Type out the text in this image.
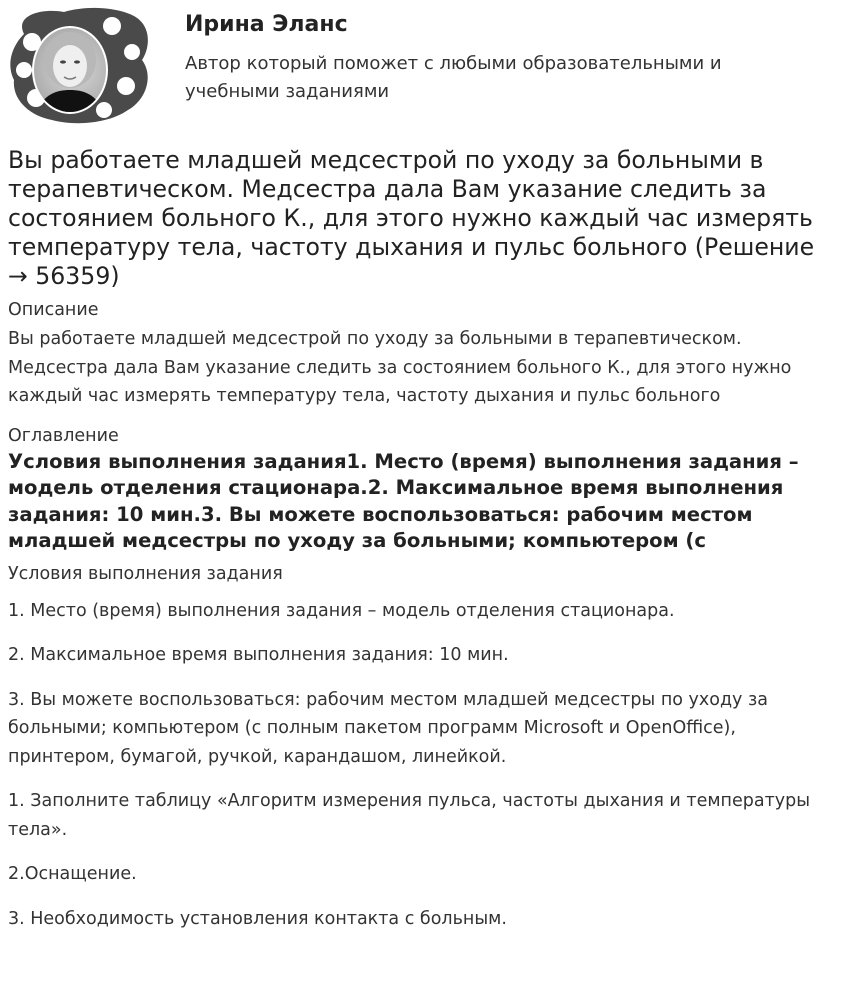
Ирина Эланс
Автор который поможет с любыми образовательными и учебными заданиями
Вы работаете младшей медсестрой по уходу за больными в терапевтическом. Медсестра дала Вам указание следить за состоянием больного К., для этого нужно каждый час измерять температуру тела, частоту дыхания и пульс больного (Решение → 56359)
Описание
Вы работаете младшей медсестрой по уходу за больными в терапевтическом. Медсестра дала Вам указание следить за состоянием больного К., для этого нужно каждый час измерять температуру тела, частоту дыхания и пульс больного
Оглавление
Условия выполнения задания1. Место (время) выполнения задания – модель отделения стационара.2. Максимальное время выполнения задания: 10 мин.3. Вы можете воспользоваться: рабочим местом младшей медсестры по уходу за больными; компьютером (с
Условия выполнения задания

1. Место (время) выполнения задания – модель отделения стационара.

2. Максимальное время выполнения задания: 10 мин.

3. Вы можете воспользоваться: рабочим местом младшей медсестры по уходу за больными; компьютером (с полным пакетом программ Microsoft и OpenOffice), принтером, бумагой, ручкой, карандашом, линейкой.

1. Заполните таблицу «Алгоритм измерения пульса, частоты дыхания и температуры тела».

2.Оснащение.

3. Необходимость установления контакта с больным.
